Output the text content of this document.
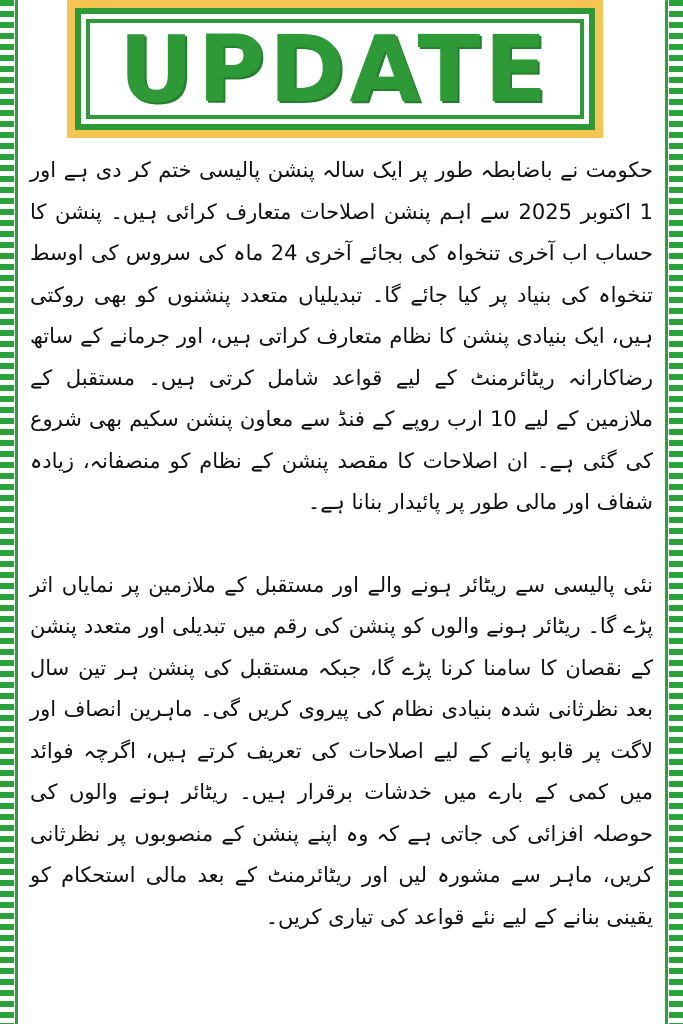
UPDATE

حکومت نے باضابطہ طور پر ایک سالہ پنشن پالیسی ختم کر دی ہے اور 1 اکتوبر 2025 سے اہم پنشن اصلاحات متعارف کرائی ہیں۔ پنشن کا حساب اب آخری تنخواہ کی بجائے آخری 24 ماہ کی سروس کی اوسط تنخواہ کی بنیاد پر کیا جائے گا۔ تبدیلیاں متعدد پنشنوں کو بھی روکتی ہیں، ایک بنیادی پنشن کا نظام متعارف کراتی ہیں، اور جرمانے کے ساتھ رضاکارانہ ریٹائرمنٹ کے لیے قواعد شامل کرتی ہیں۔ مستقبل کے ملازمین کے لیے 10 ارب روپے کے فنڈ سے معاون پنشن سکیم بھی شروع کی گئی ہے۔ ان اصلاحات کا مقصد پنشن کے نظام کو منصفانہ، زیادہ شفاف اور مالی طور پر پائیدار بنانا ہے۔

نئی پالیسی سے ریٹائر ہونے والے اور مستقبل کے ملازمین پر نمایاں اثر پڑے گا۔ ریٹائر ہونے والوں کو پنشن کی رقم میں تبدیلی اور متعدد پنشن کے نقصان کا سامنا کرنا پڑے گا، جبکہ مستقبل کی پنشن ہر تین سال بعد نظرثانی شدہ بنیادی نظام کی پیروی کریں گی۔ ماہرین انصاف اور لاگت پر قابو پانے کے لیے اصلاحات کی تعریف کرتے ہیں، اگرچہ فوائد میں کمی کے بارے میں خدشات برقرار ہیں۔ ریٹائر ہونے والوں کی حوصلہ افزائی کی جاتی ہے کہ وہ اپنے پنشن کے منصوبوں پر نظرثانی کریں، ماہر سے مشورہ لیں اور ریٹائرمنٹ کے بعد مالی استحکام کو یقینی بنانے کے لیے نئے قواعد کی تیاری کریں۔
